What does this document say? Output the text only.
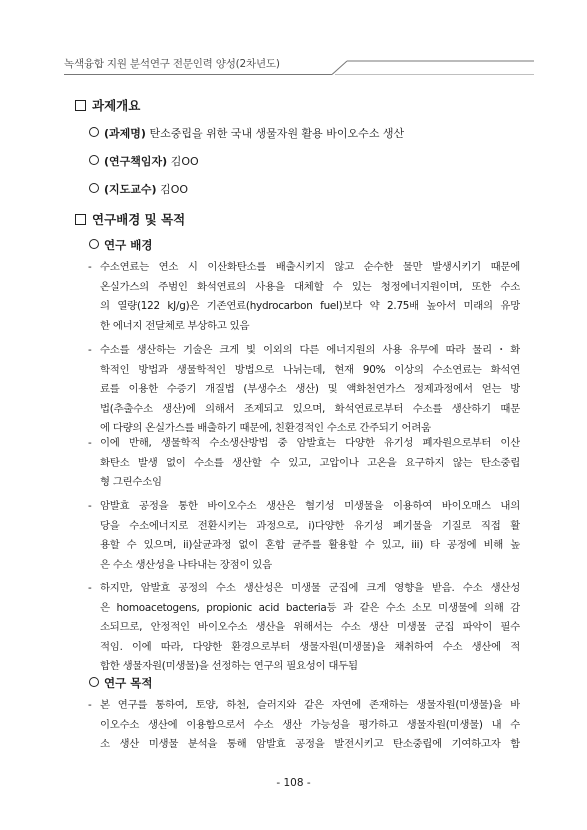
녹색융합 지원 분석연구 전문인력 양성(2차년도)
과제개요
(과제명) 탄소중립을 위한 국내 생물자원 활용 바이오수소 생산
(연구책임자) 김OO
(지도교수) 김OO
연구배경 및 목적
연구 배경
- 수소연료는 연소 시 이산화탄소를 배출시키지 않고 순수한 물만 발생시키기 때문에
온실가스의 주범인 화석연료의 사용을 대체할 수 있는 청정에너지원이며, 또한 수소
의 열량(122 kJ/g)은 기존연료(hydrocarbon fuel)보다 약 2.75배 높아서 미래의 유망
한 에너지 전달체로 부상하고 있음
- 수소를 생산하는 기술은 크게 빛 이외의 다른 에너지원의 사용 유무에 따라 물리・화
학적인 방법과 생물학적인 방법으로 나뉘는데, 현재 90% 이상의 수소연료는 화석연
료를 이용한 수증기 개질법 (부생수소 생산) 및 액화천연가스 정제과정에서 얻는 방
법(추출수소 생산)에 의해서 조제되고 있으며, 화석연료로부터 수소를 생산하기 때문
에 다량의 온실가스를 배출하기 때문에, 친환경적인 수소로 간주되기 어려움
- 이에 반해, 생물학적 수소생산방법 중 암발효는 다양한 유기성 폐자원으로부터 이산
화탄소 발생 없이 수소를 생산할 수 있고, 고압이나 고온을 요구하지 않는 탄소중립
형 그린수소임
- 암발효 공정을 통한 바이오수소 생산은 혐기성 미생물을 이용하여 바이오매스 내의
당을 수소에너지로 전환시키는 과정으로, i)다양한 유기성 폐기물을 기질로 직접 활
용할 수 있으며, ii)살균과정 없이 혼합 균주를 활용할 수 있고, iii) 타 공정에 비해 높
은 수소 생산성을 나타내는 장점이 있음
- 하지만, 암발효 공정의 수소 생산성은 미생물 군집에 크게 영향을 받음. 수소 생산성
은 homoacetogens, propionic acid bacteria등 과 같은 수소 소모 미생물에 의해 감
소되므로, 안정적인 바이오수소 생산을 위해서는 수소 생산 미생물 군집 파악이 필수
적임. 이에 따라, 다양한 환경으로부터 생물자원(미생물)을 채취하여 수소 생산에 적
합한 생물자원(미생물)을 선정하는 연구의 필요성이 대두됨
연구 목적
- 본 연구를 통하여, 토양, 하천, 슬러지와 같은 자연에 존재하는 생물자원(미생물)을 바
이오수소 생산에 이용함으로서 수소 생산 가능성을 평가하고 생물자원(미생물) 내 수
소 생산 미생물 분석을 통해 암발효 공정을 발전시키고 탄소중립에 기여하고자 함
- 108 -
